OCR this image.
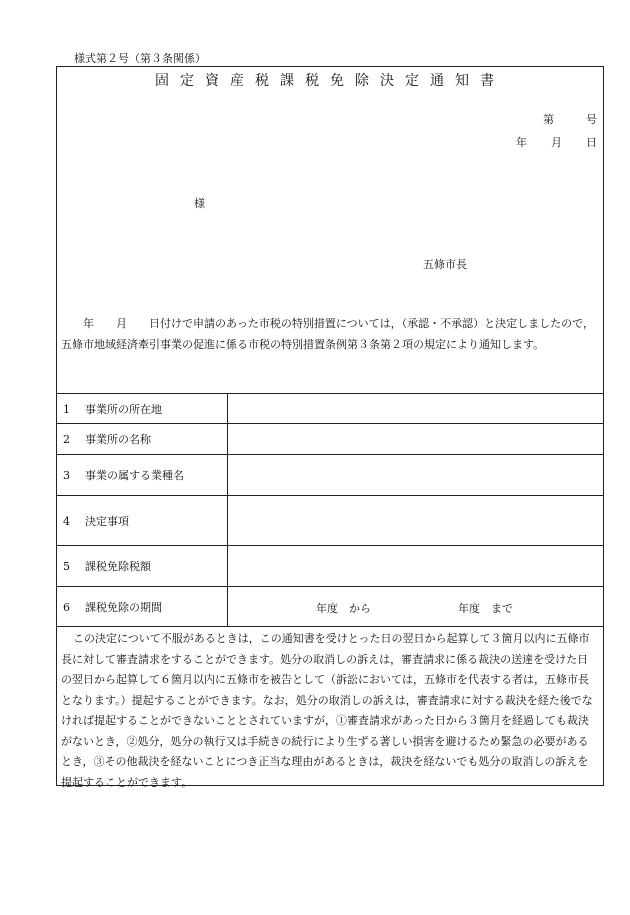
様式第２号（第３条関係）
固定資産税課税免除決定通知書
第	号
年 月 日
様
五條市長

年　　月　　日付けで申請のあった市税の特別措置については，（承認・不承認）と決定しましたので，五條市地域経済牽引事業の促進に係る市税の特別措置条例第３条第２項の規定により通知します。

1 事業所の所在地	
2 事業所の名称	
3 事業の属する業種名	
4 決定事項	
5 課税免除税額	
6 課税免除の期間	年度　から 年度　まで

この決定について不服があるときは，この通知書を受けとった日の翌日から起算して３箇月以内に五條市長に対して審査請求をすることができます。処分の取消しの訴えは，審査請求に係る裁決の送達を受けた日の翌日から起算して６箇月以内に五條市を被告として（訴訟においては，五條市を代表する者は，五條市長となります。）提起することができます。なお，処分の取消しの訴えは，審査請求に対する裁決を経た後でなければ提起することができないこととされていますが，①審査請求があった日から３箇月を経過しても裁決がないとき，②処分，処分の執行又は手続きの続行により生ずる著しい損害を避けるため緊急の必要があるとき，③その他裁決を経ないことにつき正当な理由があるときは，裁決を経ないでも処分の取消しの訴えを提起することができます。
